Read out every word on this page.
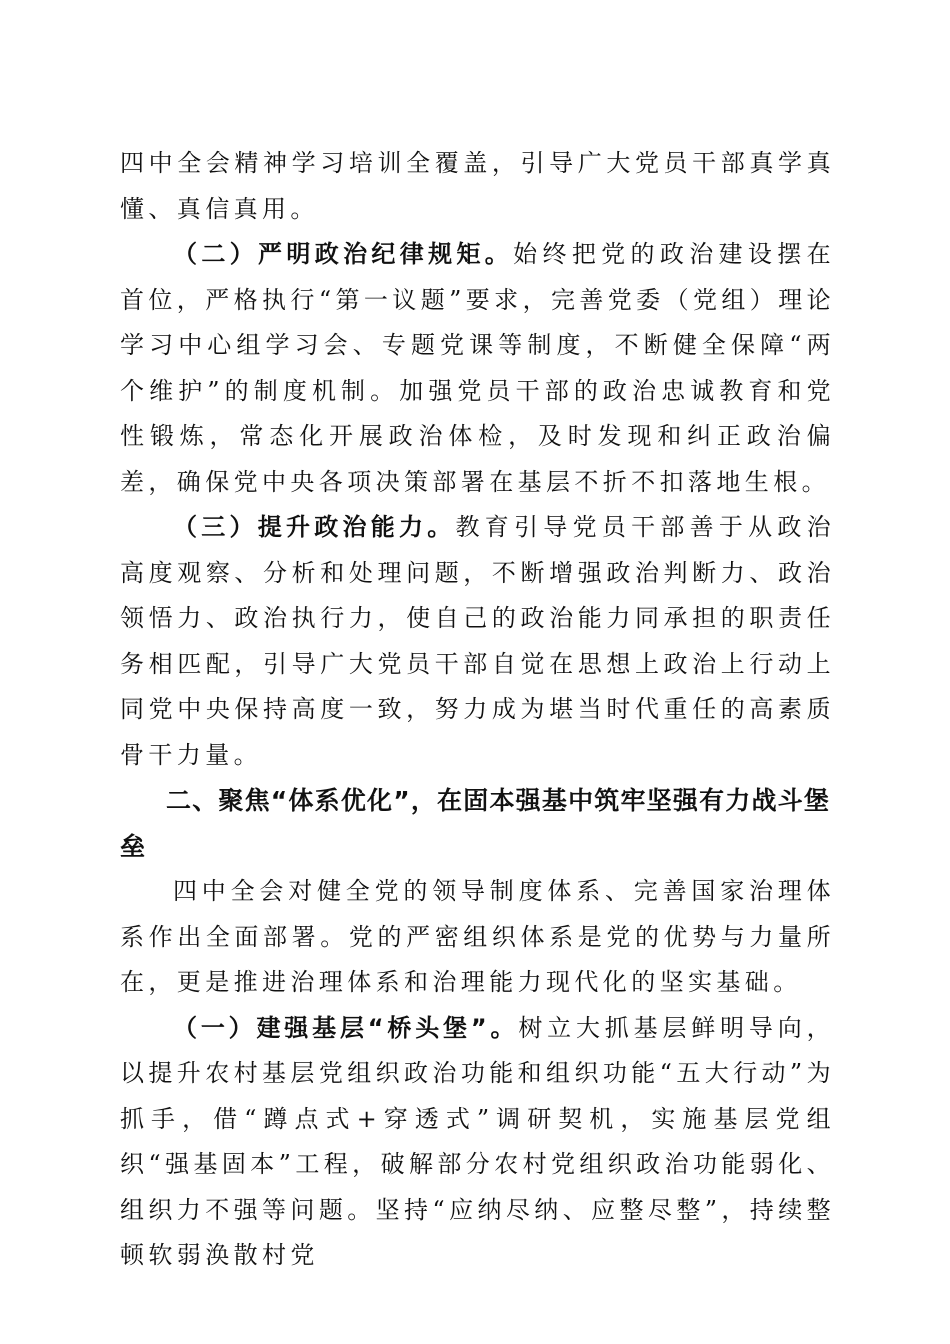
四中全会精神学习培训全覆盖，引导广大党员干部真学真懂、真信真用。

（二）严明政治纪律规矩。始终把党的政治建设摆在首位，严格执行“第一议题”要求，完善党委（党组）理论学习中心组学习会、专题党课等制度，不断健全保障“两个维护”的制度机制。加强党员干部的政治忠诚教育和党性锻炼，常态化开展政治体检，及时发现和纠正政治偏差，确保党中央各项决策部署在基层不折不扣落地生根。

（三）提升政治能力。教育引导党员干部善于从政治高度观察、分析和处理问题，不断增强政治判断力、政治领悟力、政治执行力，使自己的政治能力同承担的职责任务相匹配，引导广大党员干部自觉在思想上政治上行动上同党中央保持高度一致，努力成为堪当时代重任的高素质骨干力量。

二、聚焦“体系优化”，在固本强基中筑牢坚强有力战斗堡垒

四中全会对健全党的领导制度体系、完善国家治理体系作出全面部署。党的严密组织体系是党的优势与力量所在，更是推进治理体系和治理能力现代化的坚实基础。

（一）建强基层“桥头堡”。树立大抓基层鲜明导向，以提升农村基层党组织政治功能和组织功能“五大行动”为抓手，借“蹲点式+穿透式”调研契机，实施基层党组织“强基固本”工程，破解部分农村党组织政治功能弱化、组织力不强等问题。坚持“应纳尽纳、应整尽整”，持续整顿软弱涣散村党
